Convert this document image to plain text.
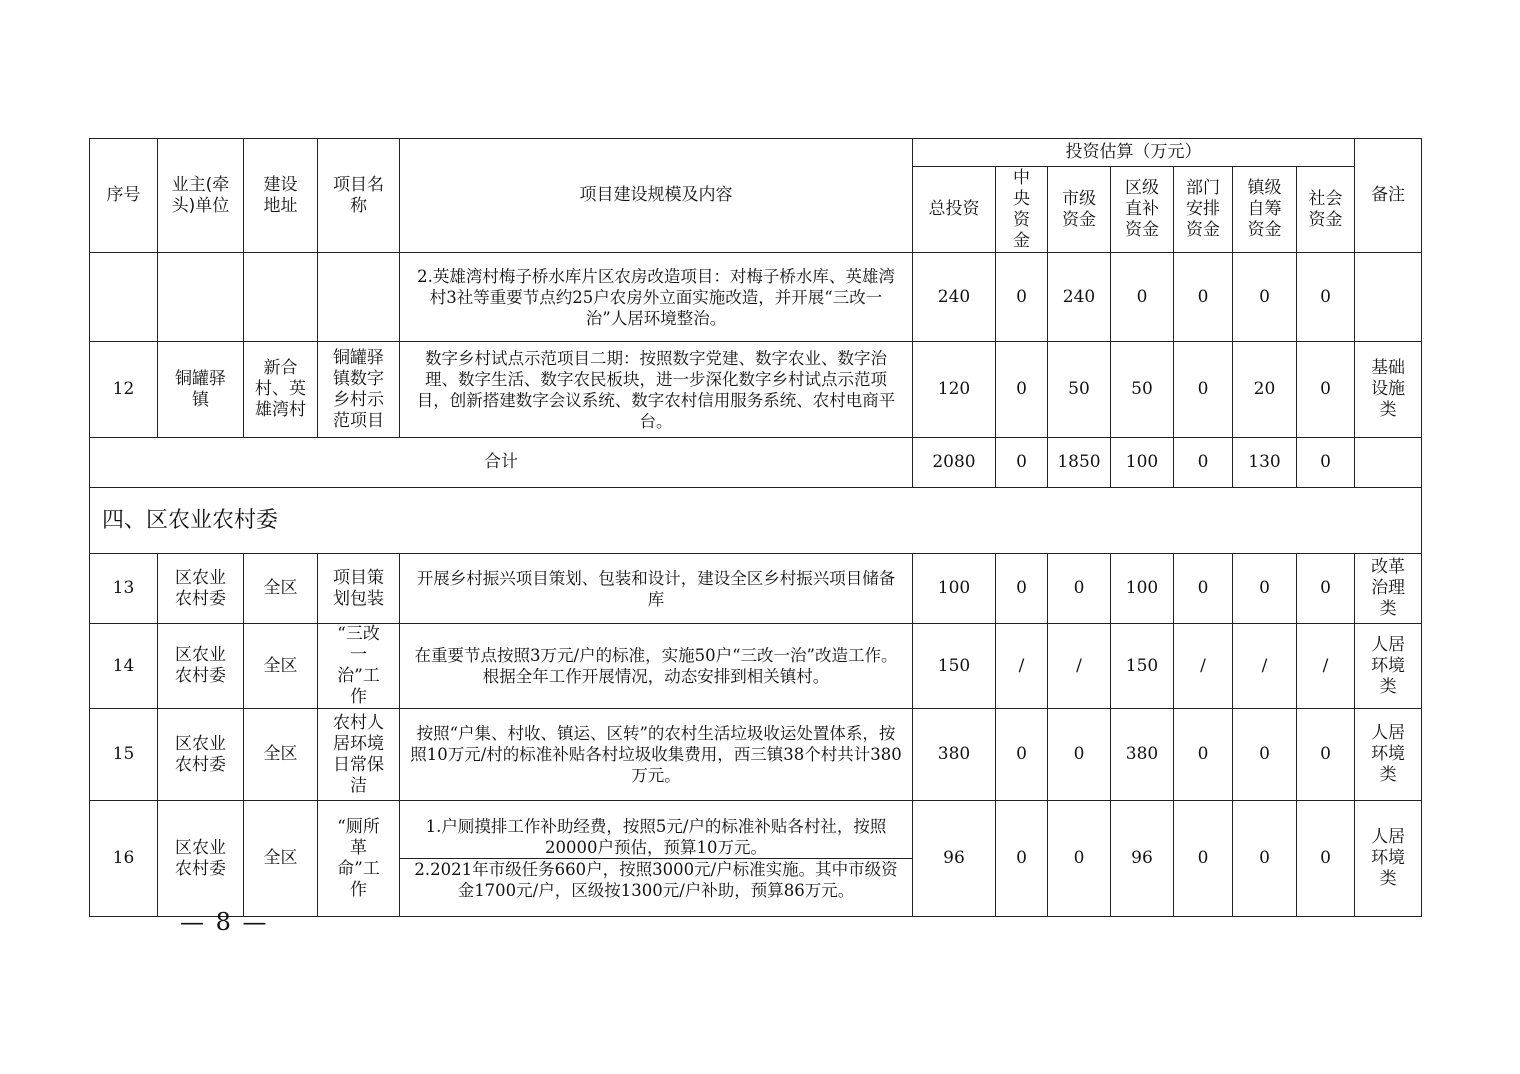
序号	业主(牵头)单位	建设地址	项目名称	项目建设规模及内容	投资估算（万元）							备注
					总投资	中央资金	市级资金	区级直补资金	部门安排资金	镇级自筹资金	社会资金	
				2.英雄湾村梅子桥水库片区农房改造项目：对梅子桥水库、英雄湾村3社等重要节点约25户农房外立面实施改造，并开展“三改一治”人居环境整治。	240	0	240	0	0	0	0	
12	铜罐驿镇	新合村、英雄湾村	铜罐驿镇数字乡村示范项目	数字乡村试点示范项目二期：按照数字党建、数字农业、数字治理、数字生活、数字农民板块，进一步深化数字乡村试点示范项目，创新搭建数字会议系统、数字农村信用服务系统、农村电商平台。	120	0	50	50	0	20	0	基础设施类
合计					2080	0	1850	100	0	130	0	
四、区农业农村委												
13	区农业农村委	全区	项目策划包装	开展乡村振兴项目策划、包装和设计，建设全区乡村振兴项目储备库	100	0	0	100	0	0	0	改革治理类
14	区农业农村委	全区	“三改一治”工作	在重要节点按照3万元/户的标准，实施50户“三改一治”改造工作。根据全年工作开展情况，动态安排到相关镇村。	150	/	/	150	/	/	/	人居环境类
15	区农业农村委	全区	农村人居环境日常保洁	按照“户集、村收、镇运、区转”的农村生活垃圾收运处置体系，按照10万元/村的标准补贴各村垃圾收集费用，西三镇38个村共计380万元。	380	0	0	380	0	0	0	人居环境类
16	区农业农村委	全区	“厕所革命”工作	1.户厕摸排工作补助经费，按照5元/户的标准补贴各村社，按照20000户预估，预算10万元。
2.2021年市级任务660户，按照3000元/户标准实施。其中市级资金1700元/户，区级按1300元/户补助，预算86万元。	96	0	0	96	0	0	0	人居环境类
— 8 —
